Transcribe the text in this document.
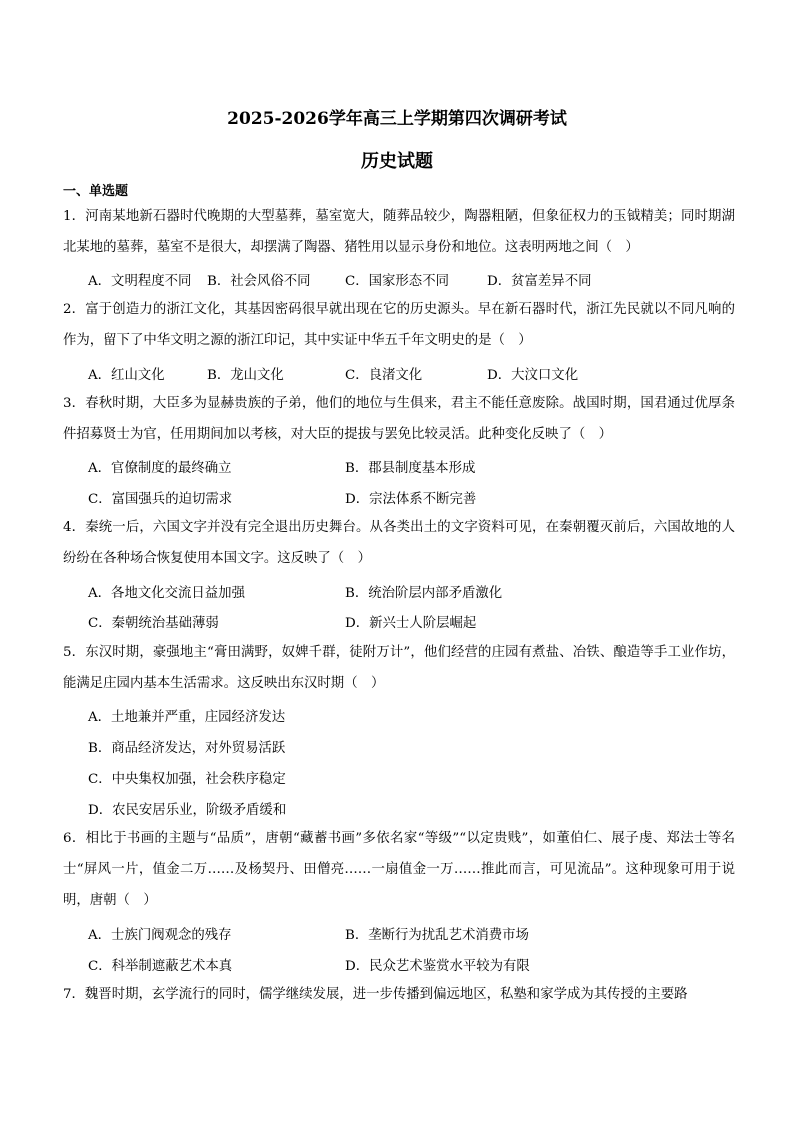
2025-2026学年高三上学期第四次调研考试
历史试题
一、单选题
1．河南某地新石器时代晚期的大型墓葬，墓室宽大，随葬品较少，陶器粗陋，但象征权力的玉钺精美；同时期湖北某地的墓葬，墓室不是很大，却摆满了陶器、猪牲用以显示身份和地位。这表明两地之间（　）
A．文明程度不同 B．社会风俗不同	C．国家形态不同	D．贫富差异不同
2．富于创造力的浙江文化，其基因密码很早就出现在它的历史源头。早在新石器时代，浙江先民就以不同凡响的作为，留下了中华文明之源的浙江印记，其中实证中华五千年文明史的是（　）
A．红山文化	B．龙山文化	C．良渚文化	D．大汶口文化
3．春秋时期，大臣多为显赫贵族的子弟，他们的地位与生俱来，君主不能任意废除。战国时期，国君通过优厚条件招募贤士为官，任用期间加以考核，对大臣的提拔与罢免比较灵活。此种变化反映了（　）
A．官僚制度的最终确立	B．郡县制度基本形成
C．富国强兵的迫切需求	D．宗法体系不断完善
4．秦统一后，六国文字并没有完全退出历史舞台。从各类出土的文字资料可见，在秦朝覆灭前后，六国故地的人纷纷在各种场合恢复使用本国文字。这反映了（　）
A．各地文化交流日益加强	B．统治阶层内部矛盾激化
C．秦朝统治基础薄弱	D．新兴士人阶层崛起
5．东汉时期，豪强地主“膏田满野，奴婢千群，徒附万计”，他们经营的庄园有煮盐、冶铁、酿造等手工业作坊，能满足庄园内基本生活需求。这反映出东汉时期（　）
A．土地兼并严重，庄园经济发达
B．商品经济发达，对外贸易活跃
C．中央集权加强，社会秩序稳定
D．农民安居乐业，阶级矛盾缓和
6．相比于书画的主题与“品质”，唐朝“藏蓄书画”多依名家“等级”“以定贵贱”，如董伯仁、展子虔、郑法士等名士“屏风一片，值金二万……及杨契丹、田僧亮……一扇值金一万……推此而言，可见流品”。这种现象可用于说明，唐朝（　）
A．士族门阀观念的残存	B．垄断行为扰乱艺术消费市场
C．科举制遮蔽艺术本真	D．民众艺术鉴赏水平较为有限
7．魏晋时期，玄学流行的同时，儒学继续发展，进一步传播到偏远地区，私塾和家学成为其传授的主要路
